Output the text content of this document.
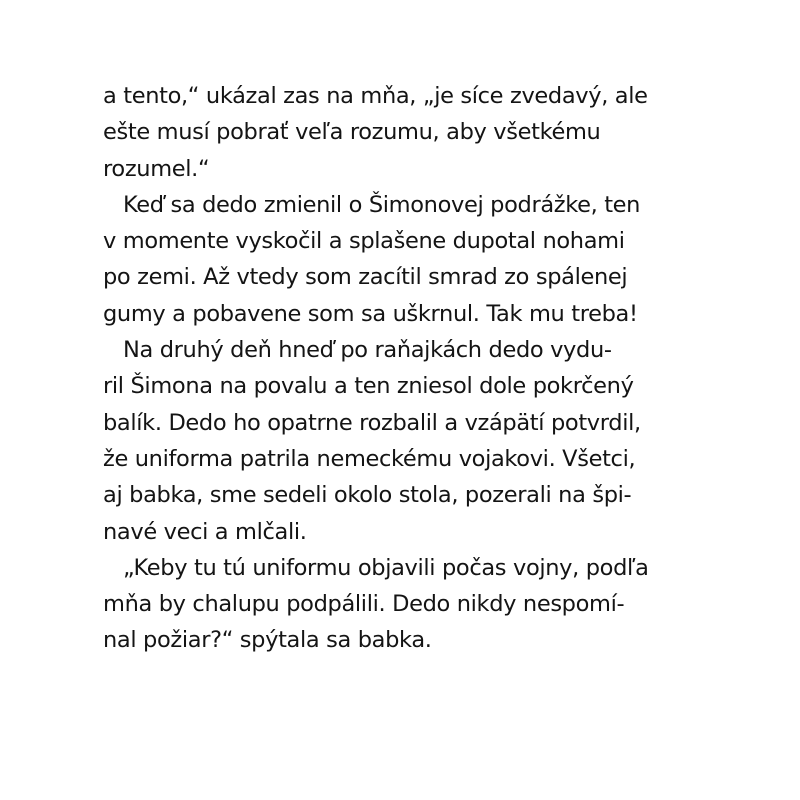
a tento,“ ukázal zas na mňa, „je síce zvedavý, ale
ešte musí pobrať veľa rozumu, aby všetkému
rozumel.“
Keď sa dedo zmienil o Šimonovej podrážke, ten
v momente vyskočil a splašene dupotal nohami
po zemi. Až vtedy som zacítil smrad zo spálenej
gumy a pobavene som sa uškrnul. Tak mu treba!
Na druhý deň hneď po raňajkách dedo vydu-
ril Šimona na povalu a ten zniesol dole pokrčený
balík. Dedo ho opatrne rozbalil a vzápätí potvrdil,
že uniforma patrila nemeckému vojakovi. Všetci,
aj babka, sme sedeli okolo stola, pozerali na špi-
navé veci a mlčali.
„Keby tu tú uniformu objavili počas vojny, podľa
mňa by chalupu podpálili. Dedo nikdy nespomí-
nal požiar?“ spýtala sa babka.
